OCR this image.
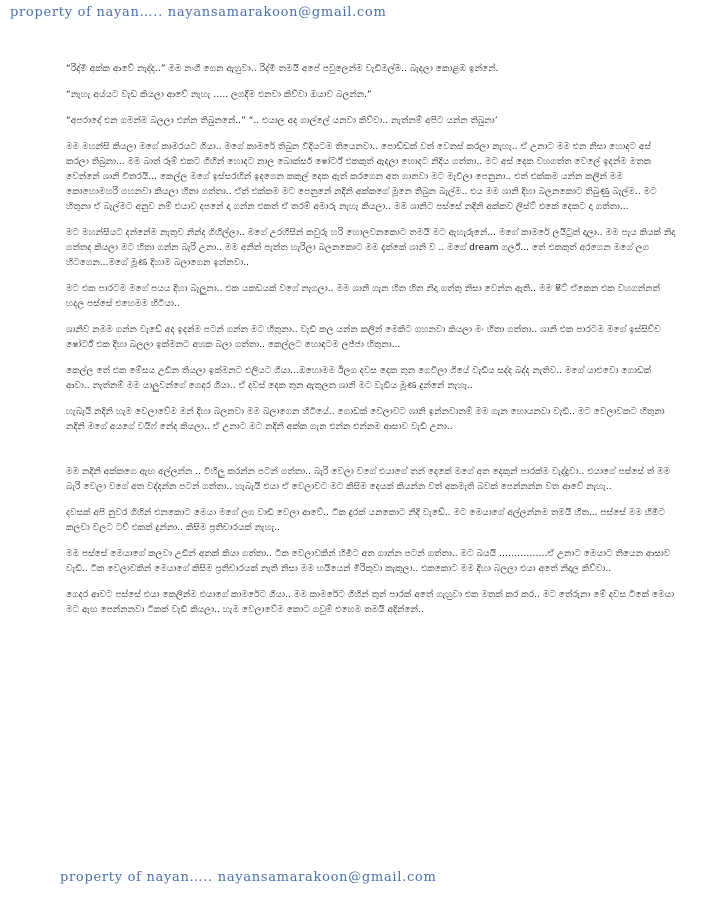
property of nayan….. nayansamarakoon@gmail.com

“රිද්මී අක්ක ආවේ නැද්ද..” මම නංගි ගෙන ඇහුවා.. රිද්මී තමයි අපේ පවුලෙන්ම වැඩිමල්ම.. බැදලා කොළඹ ඉන්නේ.

“නැහැ අය්යට වැඩ කියලා ආවේ නැහැ ….. ලගදීම එනවා කිව්වා ඔයාව බලන්න.”

“අපරාදේ එන ගමන්ම බලලා එන්න තිබුනනේ..” “.. එයාල අද ගාල්ලේ යනවා කිව්වා.. නැත්නම් අපිට යන්න තිබුනා’

මම මහන්සි කියලා මගේ කාමරයට ගියා.. මගේ කාමරේ තිබුන විදියටම තියෙනවා.. පොඩ්ඩක් වත් වෙනස් කරලා නැහැ.. ඒ උනාට මම එන නිසා හොදට අස් කරලා තිබුනා... මම බාත් රූම් එකට ගිහින් හොදට නාල බොක්සර් ෂෝර්ට් එකකුත් ඇදලා හොදට නිදිය ගත්තා.. මට අස් දෙක වහගත්ත වෙලේ ඉදන්ම මතක වෙන්නේ ශානි විතරයි... කෙල්ල මගේ ඉස්සරහින් ඉදගෙන කකුල් දෙක ඇත් කරගෙන අත ගානවා මට මැවිලා පෙනුනා.. එත් එක්කම යන්න කලින් මම කොහොමහරි ගහනවා කියලා හිතා ගත්තා.. ඒත් එක්කම මට පෙනුනේ නදිනි අක්කගේ මූනෙ තිබුන බැල්ම.. එය මම ශානි දිහා බලනකොට තිබුණු බැල්ම.. මට හිතුනා ඒ බැල්මට අනුව නම් එයාව දපනේ දා ගන්න එකත් ඒ තරම් අමාරු නැහැ කියලා.. මම ශානිට පස්සේ නදිනි අක්කව ලිස්ට් එකේ දෙකට දා ගත්තා...

මට මහන්සියට දන්නේම නැතුව නින්ද ගිහිල්ලා.. මගේ උරහිසින් කවුරු හරි හොලවනකොට තමයි මට ඇහැරුනේ... මගේ කාමරේ ලයිටුත් දාලා.. මම පැය කියක් නිදා ගත්තද කියලා මට හිතා ගන්න බැරි උනා.. මම අනිත් පැත්ත හැරිලා බලනකොට මම දැක්කේ ශානි ව .. මගේ dream ගර්ල්... තේ එකකුත් අරගෙන මගේ ලග හිටගෙන...මගේ මූණ දිහාම බලාගෙන ඉන්නවා..

මට එක පාරටම මගේ පයය දිහා බැලුනා.. එක යකඩයක් වගේ නැගලා.. මම ශානි ගැන හිත හිත නිදා ගත්තු නිසා වෙන්න ඇති.. මම ෂීට් ඒකෙන එක වහගන්නත් හදල පස්සේ එහෙමම හිටියා..

ශානිව නමම ගන්න වැඩේ අද ඉදන්ම පටන් ගන්න මට හිතුනා.. වැඩි කල යන්න කලින් මෙකිට ගහනවා කියලා මං හිතා ගත්තා.. ශානි එක පාරටම මගේ ඉස්සිච්ච ෂෝර්ට් එක දිහා බලලා ඉක්මනට අහක බලා ගත්තා.. කෙල්ලට හොඳටම ලජ්ජා හිතුනා...

කෙල්ල තේ එක මේසය උඩින තියලා ඉක්මනට එලියට ගියා...ඔහොමම ඊලග දවස දෙක තුන ගෙවිලා ගියේ වැඩිය සද්ද බද්ද නැතිව.. මගේ යාළුවො ගොඩක් ආවා.. නැත්නම් මම යාලුවන්ගේ ගෙදර ගියා.. ඒ දවස් දෙක තුන ඇතුලත ශානි මට වැඩිය මූණ දුන්නේ නැහැ..

හැබැයි නදිනි හැම වෙලාවේම මන් දිහා බලනවා මම බලාගෙන හිටියේ.. ගොඩක් වෙලාවට ශානි ඉන්නවානම් මම ගැන හොයනවා වැඩි.. මට වෙලාවකට හිතුනා නදිනි මගේ අයගේ වයිෆ් නේද කියලා.. ඒ උනාට මට නදිනි අක්ක ගැන එන්න එන්නම ආසාව වැඩි උනා..

මම නදිනි අක්කගෙ ඇඟ අල්ලන්න .. විහිලු කරන්න පටන් ගත්තා.. බැරි වෙලා වගේ එයාගේ තන් දෙකේ මගේ අත දෙකුන් පාරක්ම වැද්දුවා.. එයාගේ පස්සේ ත් මම බැරි වෙලා වගේ අත වද්දන්න පටන් ගත්තා.. හැබැයි එයා ඒ වෙලාවට මට කිසිම දෙයක් කියන්න වත් අකමැති බවක් පෙන්නන්න වත ආවේ නැහැ..

දවසක් අපි නුවර ගිහින් එනකොට මෙයා මගේ ලග වාඩි වෙලා ආවේ.. ටික දුරක් යනකොට නිදි වැඩේ.. මට මෙයාගේ අල්ලන්නම තමයි හිත... පස්සේ මම හිමිට කලවා වලට ටච් එකක් දුන්නා.. කිසිම ප්‍රතිචාරයක් නැහැ..

මම පස්සේ මෙයාගේ කලවා උඩින් අතක් කියා ගත්තා.. ටික වෙලාවකින් හිමිට අත ගාන්න පටන් ගත්තා.. මට බයයි …………….ඒ උනාට මෙයාට තියෙන ආසාව වැඩි.. ටික වෙලාවකින් මෙයාගේ කිසිම ප්‍රතිචාරයක් නැති නිසා මම හයියෙන් මිරිකුවා කැකුලා.. එකකොට මම දිහා බලලා එයා අතේ නිදාල කිව්වා..

ගෙදර ආවට පස්සේ එයා කෙලින්ම එයාගේ කාමරේට ගියා.. මම කාමරේට ගිහින් තුන් පාරක් අතේ ගැහුවා එක මතක් කර කර.. මට තේරුනා මේ දවස ටිකේ මෙයා මට ඇඟ පෙන්නනවා ටිකක් වැඩි කියලා.. හැම වෙලාවේම කොට ගවුම් එහෙම තමයි අදින්නේ..

property of nayan….. nayansamarakoon@gmail.com
